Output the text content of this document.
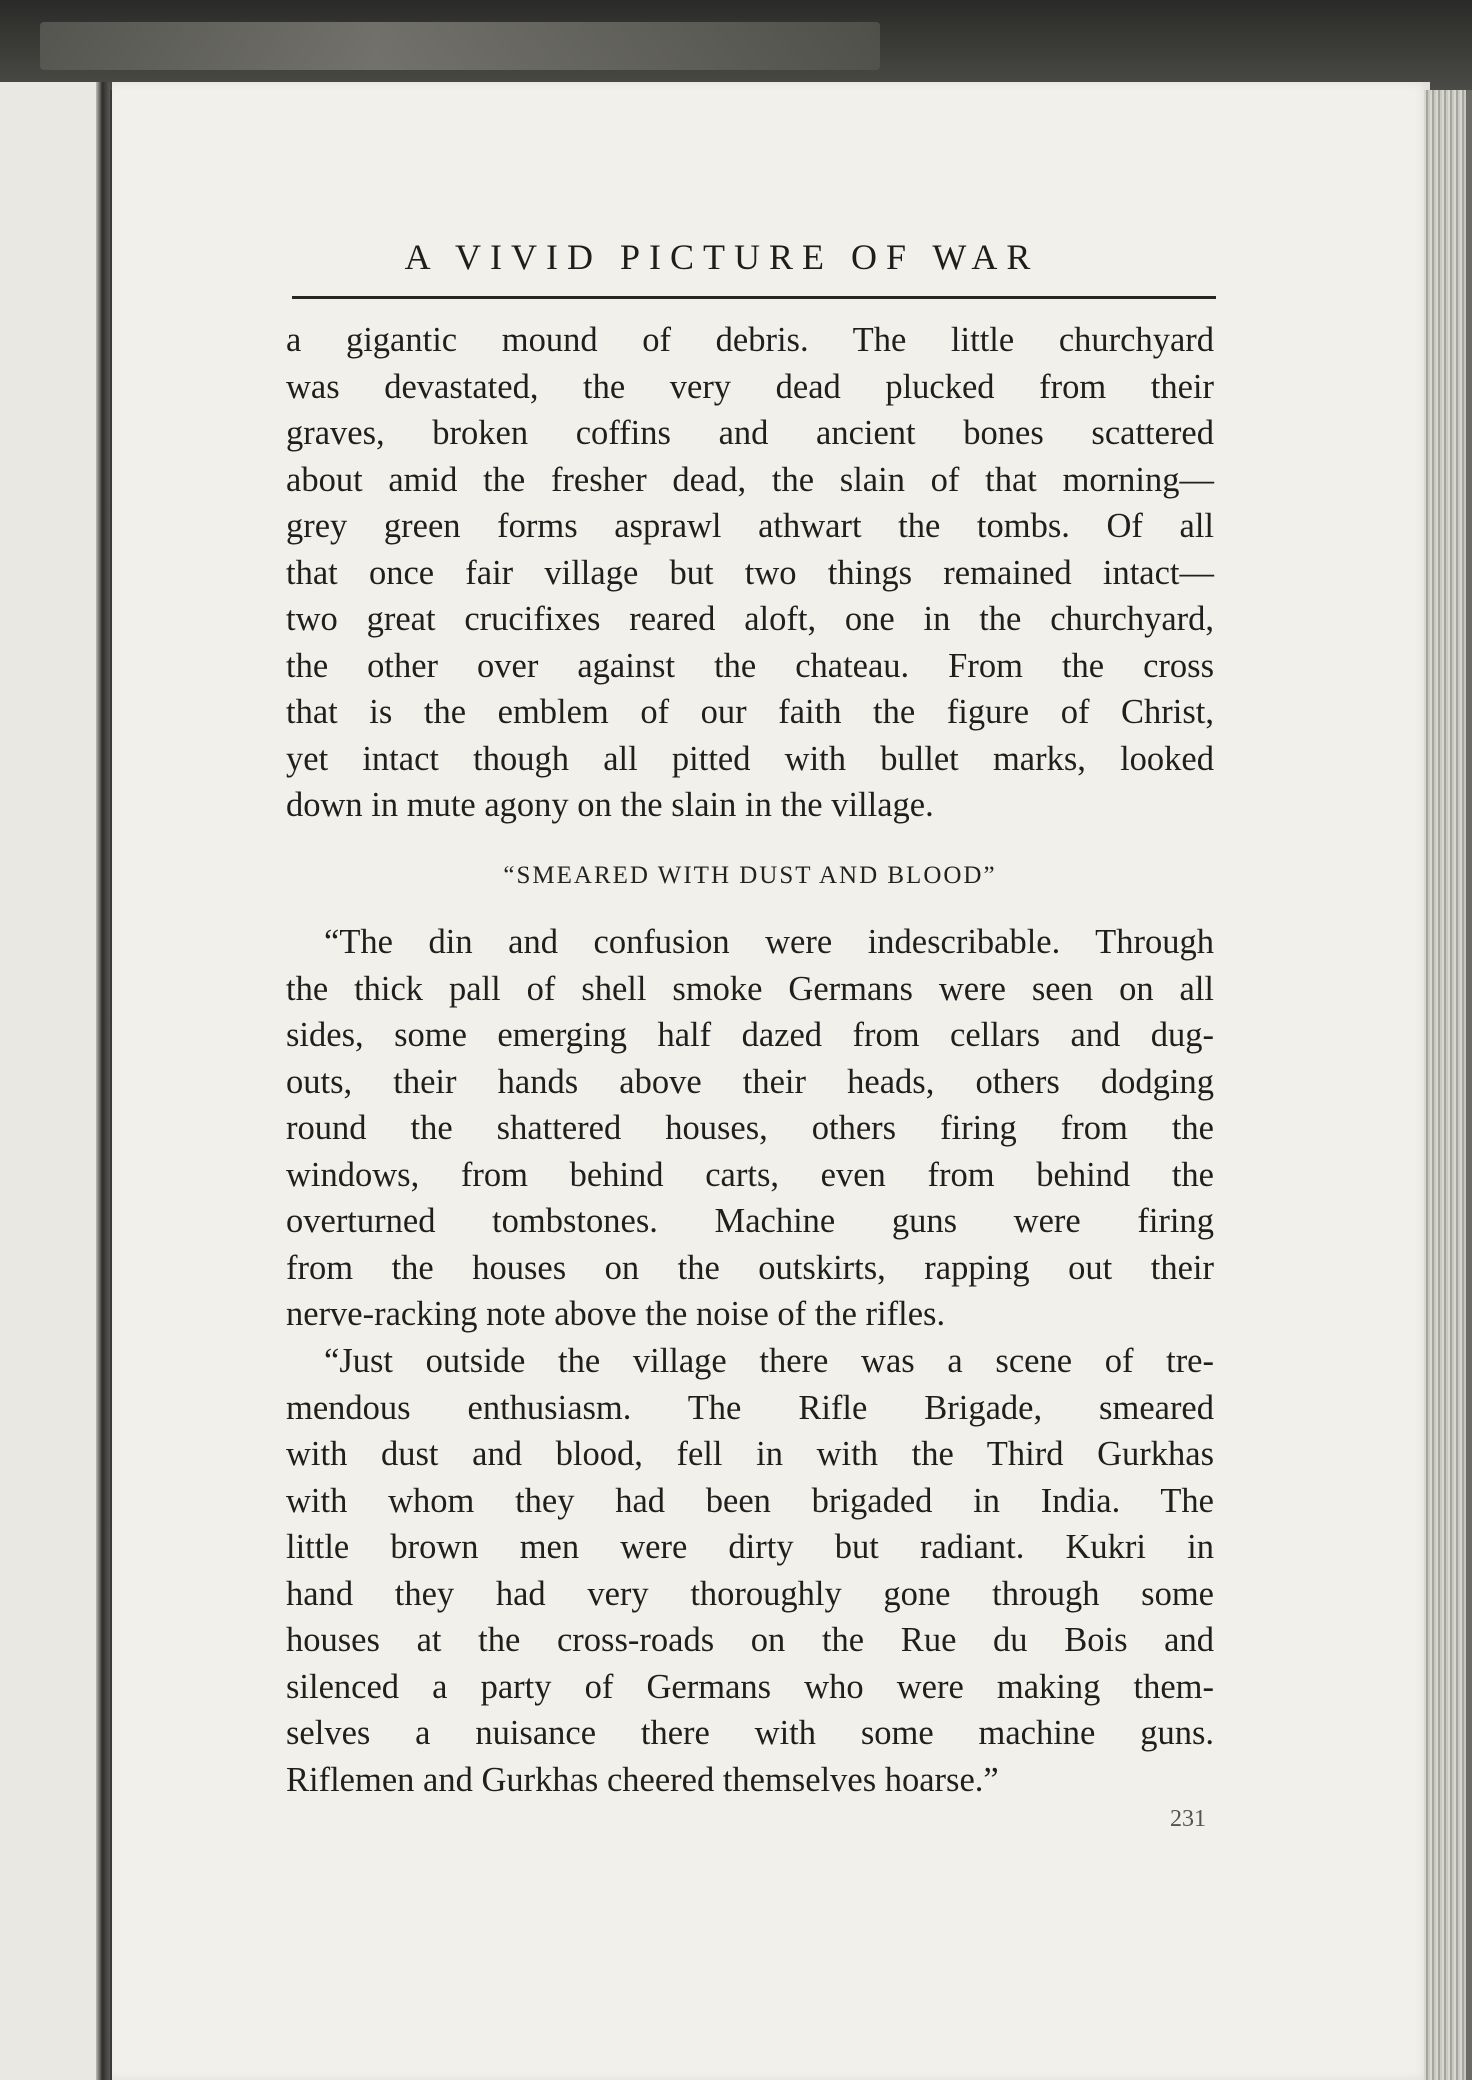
A VIVID PICTURE OF WAR
a gigantic mound of debris. The little churchyard
was devastated, the very dead plucked from their
graves, broken coffins and ancient bones scattered
about amid the fresher dead, the slain of that morning—
grey green forms asprawl athwart the tombs. Of all
that once fair village but two things remained intact—
two great crucifixes reared aloft, one in the churchyard,
the other over against the chateau. From the cross
that is the emblem of our faith the figure of Christ,
yet intact though all pitted with bullet marks, looked
down in mute agony on the slain in the village.
“SMEARED WITH DUST AND BLOOD”
“The din and confusion were indescribable. Through
the thick pall of shell smoke Germans were seen on all
sides, some emerging half dazed from cellars and dug-
outs, their hands above their heads, others dodging
round the shattered houses, others firing from the
windows, from behind carts, even from behind the
overturned tombstones. Machine guns were firing
from the houses on the outskirts, rapping out their
nerve-racking note above the noise of the rifles.
“Just outside the village there was a scene of tre-
mendous enthusiasm. The Rifle Brigade, smeared
with dust and blood, fell in with the Third Gurkhas
with whom they had been brigaded in India. The
little brown men were dirty but radiant. Kukri in
hand they had very thoroughly gone through some
houses at the cross-roads on the Rue du Bois and
silenced a party of Germans who were making them-
selves a nuisance there with some machine guns.
Riflemen and Gurkhas cheered themselves hoarse.”
231
